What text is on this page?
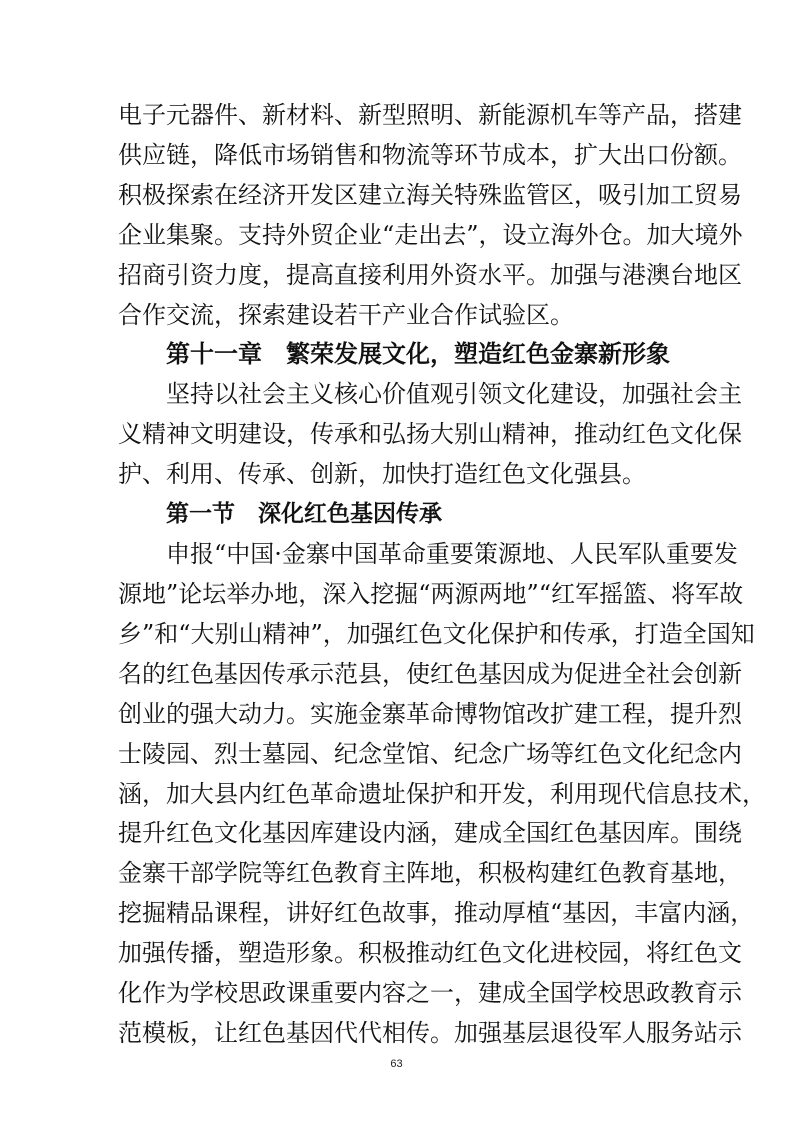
电子元器件、新材料、新型照明、新能源机车等产品，搭建
供应链，降低市场销售和物流等环节成本，扩大出口份额。
积极探索在经济开发区建立海关特殊监管区，吸引加工贸易
企业集聚。支持外贸企业“走出去”，设立海外仓。加大境外
招商引资力度，提高直接利用外资水平。加强与港澳台地区
合作交流，探索建设若干产业合作试验区。
第十一章　繁荣发展文化，塑造红色金寨新形象
坚持以社会主义核心价值观引领文化建设，加强社会主
义精神文明建设，传承和弘扬大别山精神，推动红色文化保
护、利用、传承、创新，加快打造红色文化强县。
第一节　深化红色基因传承
申报“中国·金寨中国革命重要策源地、人民军队重要发
源地”论坛举办地，深入挖掘“两源两地”“红军摇篮、将军故
乡”和“大别山精神”，加强红色文化保护和传承，打造全国知
名的红色基因传承示范县，使红色基因成为促进全社会创新
创业的强大动力。实施金寨革命博物馆改扩建工程，提升烈
士陵园、烈士墓园、纪念堂馆、纪念广场等红色文化纪念内
涵，加大县内红色革命遗址保护和开发，利用现代信息技术，
提升红色文化基因库建设内涵，建成全国红色基因库。围绕
金寨干部学院等红色教育主阵地，积极构建红色教育基地，
挖掘精品课程，讲好红色故事，推动厚植“基因，丰富内涵，
加强传播，塑造形象。积极推动红色文化进校园，将红色文
化作为学校思政课重要内容之一，建成全国学校思政教育示
范模板，让红色基因代代相传。加强基层退役军人服务站示
63
